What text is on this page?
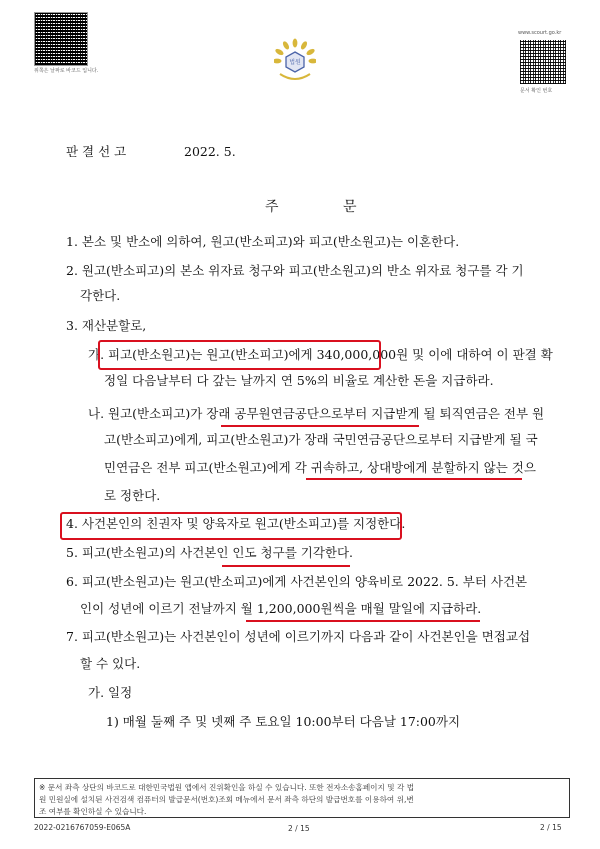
위쪽은 날짜로 바코드 입니다.
법원
www.scourt.go.kr
문서 확인 번호
판 결 선 고	2022. 5.
주 문
1. 본소 및 반소에 의하여, 원고(반소피고)와 피고(반소원고)는 이혼한다.
2. 원고(반소피고)의 본소 위자료 청구와 피고(반소원고)의 반소 위자료 청구를 각 기
각한다.
3. 재산분할로,
가. 피고(반소원고)는 원고(반소피고)에게 340,000,000원 및 이에 대하여 이 판결 확
정일 다음날부터 다 갚는 날까지 연 5%의 비율로 계산한 돈을 지급하라.
나. 원고(반소피고)가 장래 공무원연금공단으로부터 지급받게 될 퇴직연금은 전부 원
고(반소피고)에게, 피고(반소원고)가 장래 국민연금공단으로부터 지급받게 될 국
민연금은 전부 피고(반소원고)에게 각 귀속하고, 상대방에게 분할하지 않는 것으
로 정한다.
4. 사건본인의 친권자 및 양육자로 원고(반소피고)를 지정한다.
5. 피고(반소원고)의 사건본인 인도 청구를 기각한다.
6. 피고(반소원고)는 원고(반소피고)에게 사건본인의 양육비로 2022. 5. 부터 사건본
인이 성년에 이르기 전날까지 월 1,200,000원씩을 매월 말일에 지급하라.
7. 피고(반소원고)는 사건본인이 성년에 이르기까지 다음과 같이 사건본인을 면접교섭
할 수 있다.
가. 일정
1) 매월 둘째 주 및 넷째 주 토요일 10:00부터 다음날 17:00까지
※ 문서 좌측 상단의 바코드로 대한민국법원 앱에서 진위확인을 하실 수 있습니다. 또한 전자소송홈페이지 및 각 법
원 민원실에 설치된 사건검색 컴퓨터의 발급문서(번호)조회 메뉴에서 문서 좌측 하단의 발급번호를 이용하여 위,변
조 여부를 확인하실 수 있습니다.
2022-0216767059-E065A	2 / 15	2 / 15
